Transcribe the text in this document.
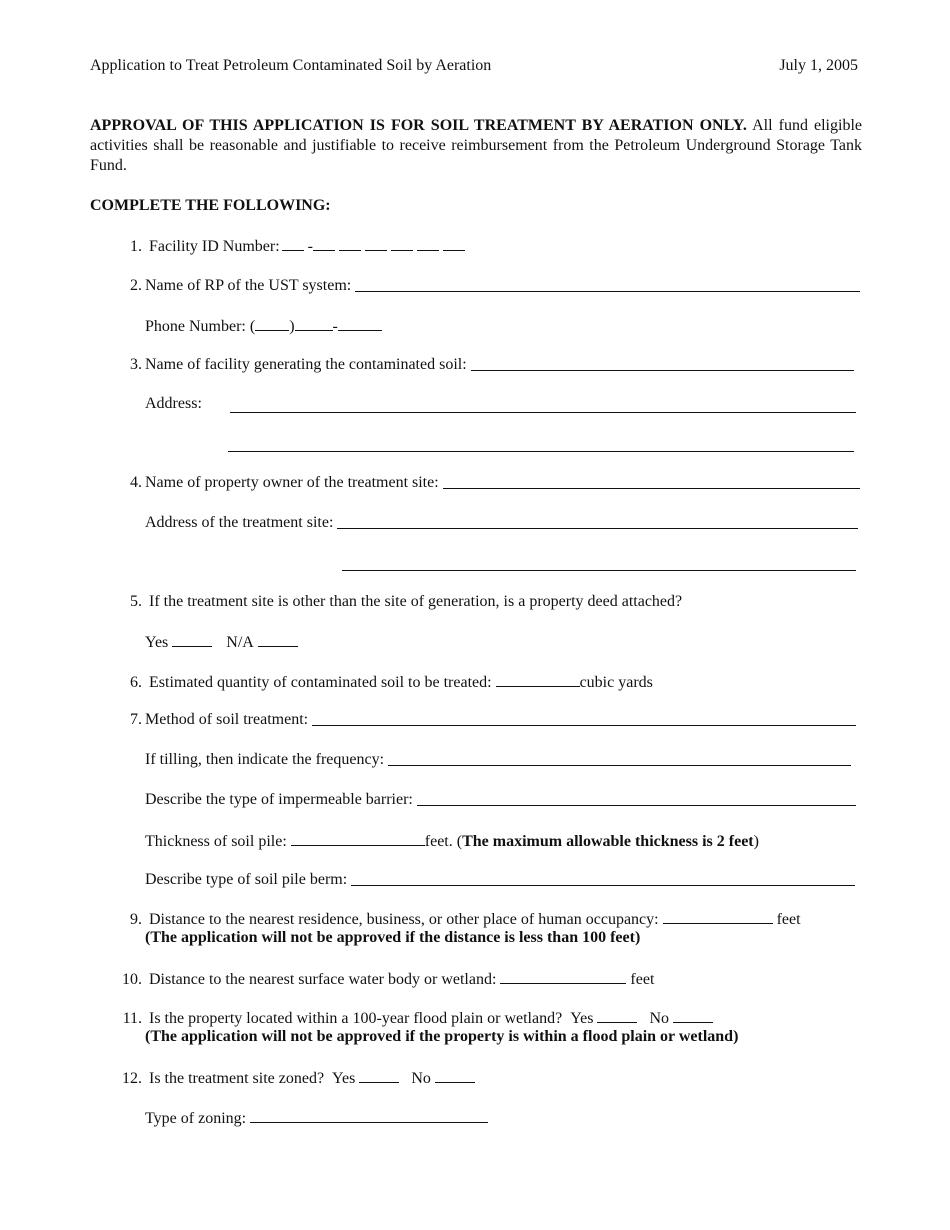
Application to Treat Petroleum Contaminated Soil by Aeration	July 1, 2005
APPROVAL OF THIS APPLICATION IS FOR SOIL TREATMENT BY AERATION ONLY. All fund eligible activities shall be reasonable and justifiable to receive reimbursement from the Petroleum Underground Storage Tank Fund.
COMPLETE THE FOLLOWING:
1. Facility ID Number: -
2. Name of RP of the UST system:
Phone Number: ( ) -
3. Name of facility generating the contaminated soil:
Address:
4. Name of property owner of the treatment site:
Address of the treatment site:
5. If the treatment site is other than the site of generation, is a property deed attached?
Yes	N/A
6. Estimated quantity of contaminated soil to be treated:	cubic yards
7. Method of soil treatment:
If tilling, then indicate the frequency:
Describe the type of impermeable barrier:
Thickness of soil pile:	feet. (The maximum allowable thickness is 2 feet)
Describe type of soil pile berm:
9. Distance to the nearest residence, business, or other place of human occupancy:	feet
(The application will not be approved if the distance is less than 100 feet)
10. Distance to the nearest surface water body or wetland:	feet
11. Is the property located within a 100-year flood plain or wetland? Yes	No
(The application will not be approved if the property is within a flood plain or wetland)
12. Is the treatment site zoned? Yes	No
Type of zoning:
